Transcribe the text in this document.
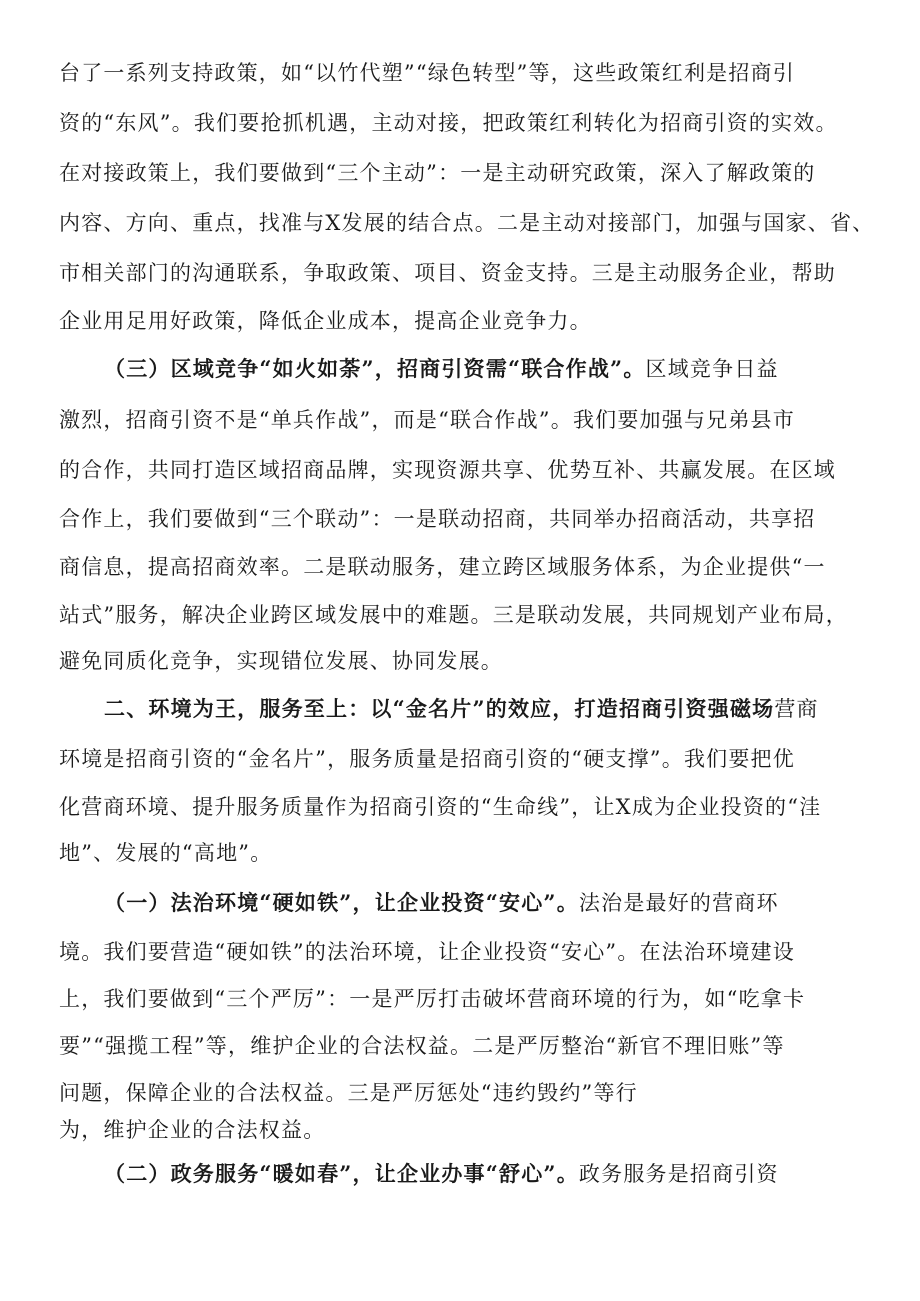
台了一系列支持政策，如“以竹代塑”“绿色转型”等，这些政策红利是招商引
资的“东风”。我们要抢抓机遇，主动对接，把政策红利转化为招商引资的实效。
在对接政策上，我们要做到“三个主动”：一是主动研究政策，深入了解政策的
内容、方向、重点，找准与X发展的结合点。二是主动对接部门，加强与国家、省、
市相关部门的沟通联系，争取政策、项目、资金支持。三是主动服务企业，帮助
企业用足用好政策，降低企业成本，提高企业竞争力。
（三）区域竞争“如火如荼”，招商引资需“联合作战”。区域竞争日益
激烈，招商引资不是“单兵作战”，而是“联合作战”。我们要加强与兄弟县市
的合作，共同打造区域招商品牌，实现资源共享、优势互补、共赢发展。在区域
合作上，我们要做到“三个联动”：一是联动招商，共同举办招商活动，共享招
商信息，提高招商效率。二是联动服务，建立跨区域服务体系，为企业提供“一
站式”服务，解决企业跨区域发展中的难题。三是联动发展，共同规划产业布局，
避免同质化竞争，实现错位发展、协同发展。
二、环境为王，服务至上：以“金名片”的效应，打造招商引资强磁场营商
环境是招商引资的“金名片”，服务质量是招商引资的“硬支撑”。我们要把优
化营商环境、提升服务质量作为招商引资的“生命线”，让X成为企业投资的“洼
地”、发展的“高地”。
（一）法治环境“硬如铁”，让企业投资“安心”。法治是最好的营商环
境。我们要营造“硬如铁”的法治环境，让企业投资“安心”。在法治环境建设
上，我们要做到“三个严厉”：一是严厉打击破坏营商环境的行为，如“吃拿卡
要”“强揽工程”等，维护企业的合法权益。二是严厉整治“新官不理旧账”等
问题，保障企业的合法权益。三是严厉惩处“违约毁约”等行
为，维护企业的合法权益。
（二）政务服务“暖如春”，让企业办事“舒心”。政务服务是招商引资
